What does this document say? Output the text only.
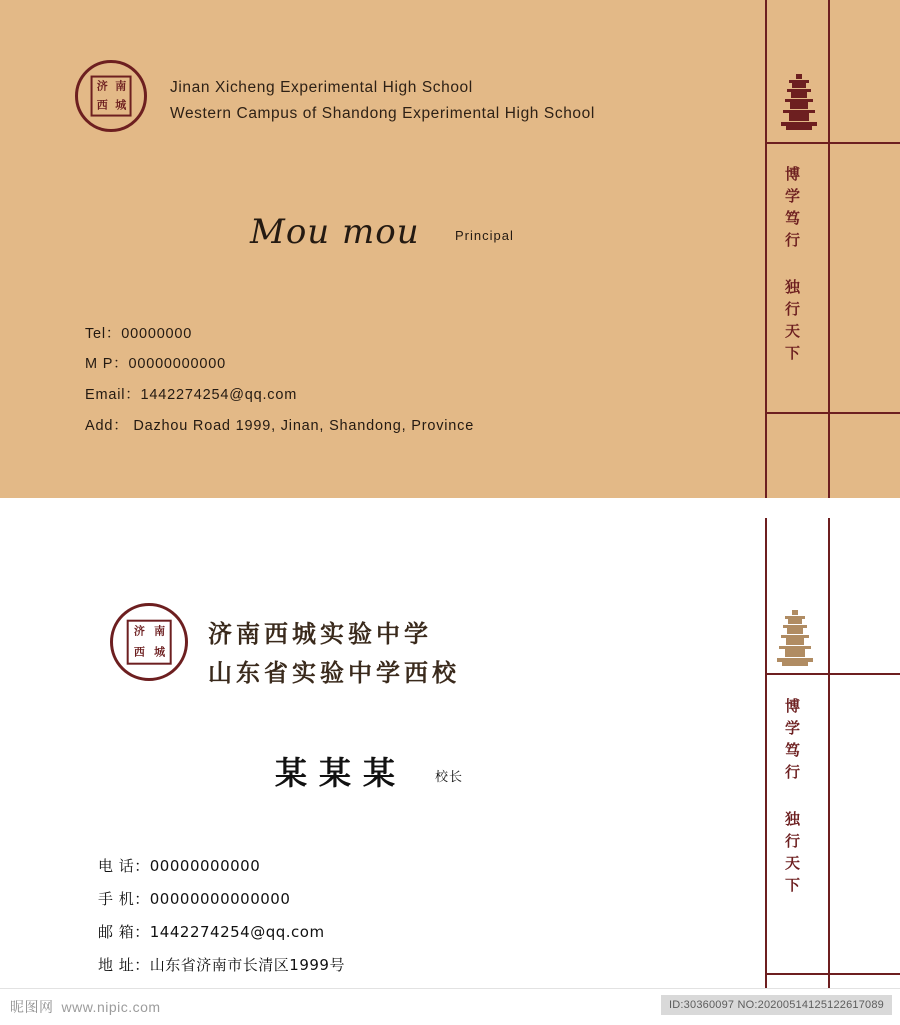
济 南
西 城
Jinan Xicheng Experimental High School
Western Campus of Shandong Experimental High School
Mou mou	Principal
Tel：00000000
M P：00000000000
Email：1442274254@qq.com
Add： Dazhou Road 1999, Jinan, Shandong, Province
博学笃行 独行天下
济 南
西 城
济南西城实验中学
山东省实验中学西校
某某某 校长
电 话：00000000000
手 机：00000000000000
邮 箱：1442274254@qq.com
地 址：山东省济南市长清区1999号
博学笃行 独行天下
昵图网 www.nipic.com	ID:30360097 NO:20200514125122617089
